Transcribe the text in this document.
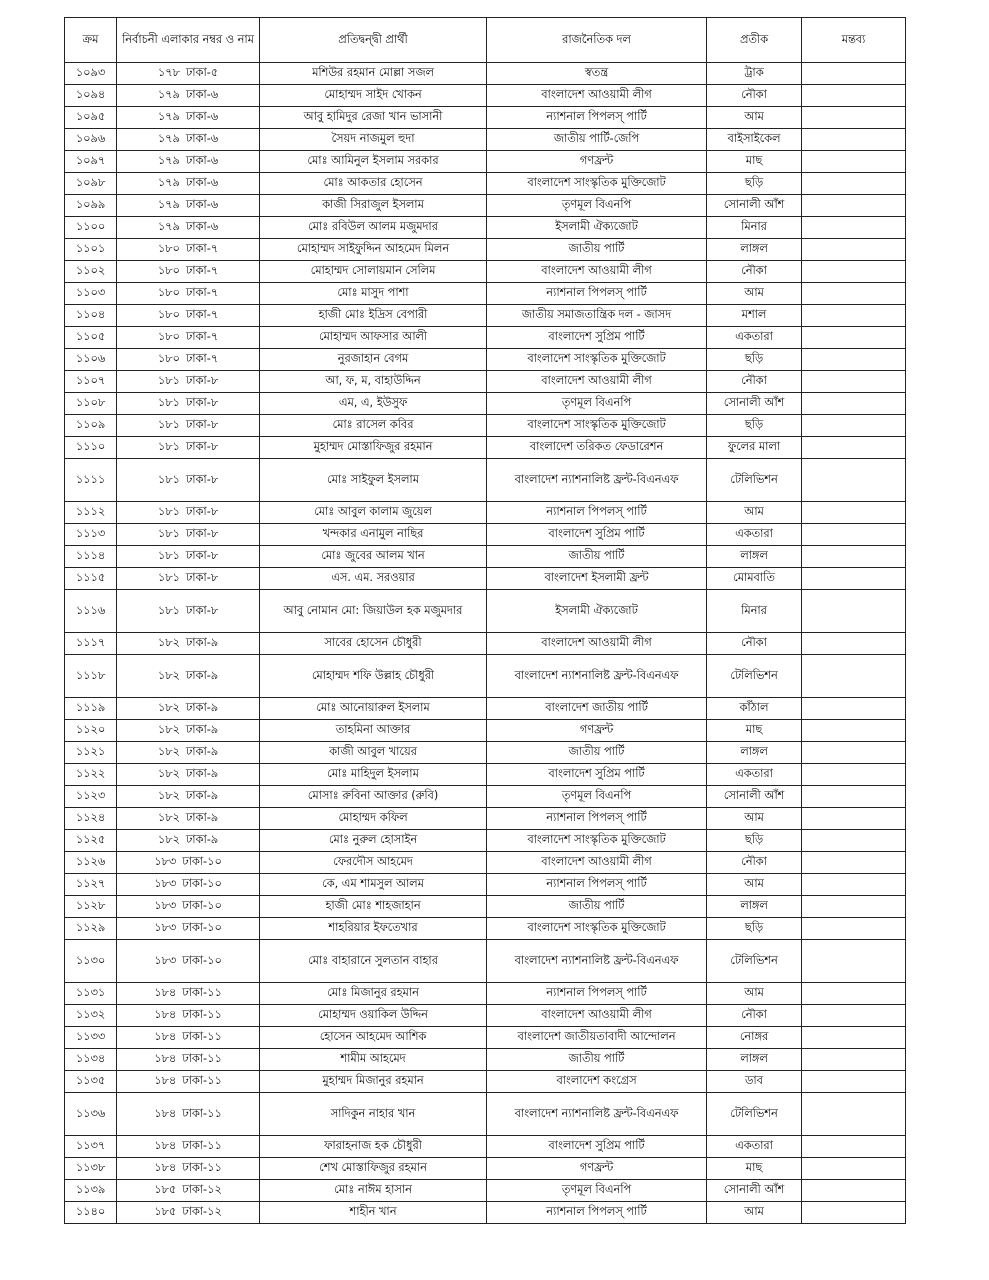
ক্রম	নির্বাচনী এলাকার নম্বর ও নাম	প্রতিদ্বন্দ্বী প্রার্থী	রাজনৈতিক দল	প্রতীক	মন্তব্য
১০৯৩	১৭৮ ঢাকা-৫	মশিউর রহমান মোল্লা সজল	স্বতন্ত্র	ট্রাক	
১০৯৪	১৭৯ ঢাকা-৬	মোহাম্মদ সাইদ খোকন	বাংলাদেশ আওয়ামী লীগ	নৌকা	
১০৯৫	১৭৯ ঢাকা-৬	আবু হামিদুর রেজা খান ভাসানী	ন্যাশনাল পিপলস্ পার্টি	আম	
১০৯৬	১৭৯ ঢাকা-৬	সৈয়দ নাজমুল হুদা	জাতীয় পার্টি-জেপি	বাইসাইকেল	
১০৯৭	১৭৯ ঢাকা-৬	মোঃ আমিনুল ইসলাম সরকার	গণফ্রন্ট	মাছ	
১০৯৮	১৭৯ ঢাকা-৬	মোঃ আকতার হোসেন	বাংলাদেশ সাংস্কৃতিক মুক্তিজোট	ছড়ি	
১০৯৯	১৭৯ ঢাকা-৬	কাজী সিরাজুল ইসলাম	তৃণমূল বিএনপি	সোনালী আঁশ	
১১০০	১৭৯ ঢাকা-৬	মোঃ রবিউল আলম মজুমদার	ইসলামী ঐক্যজোট	মিনার	
১১০১	১৮০ ঢাকা-৭	মোহাম্মদ সাইফুদ্দিন আহমেদ মিলন	জাতীয় পার্টি	লাঙ্গল	
১১০২	১৮০ ঢাকা-৭	মোহাম্মদ সোলায়মান সেলিম	বাংলাদেশ আওয়ামী লীগ	নৌকা	
১১০৩	১৮০ ঢাকা-৭	মোঃ মাসুদ পাশা	ন্যাশনাল পিপলস্ পার্টি	আম	
১১০৪	১৮০ ঢাকা-৭	হাজী মোঃ ইদ্রিস বেপারী	জাতীয় সমাজতান্ত্রিক দল - জাসদ	মশাল	
১১০৫	১৮০ ঢাকা-৭	মোহাম্মদ আফসার আলী	বাংলাদেশ সুপ্রিম পার্টি	একতারা	
১১০৬	১৮০ ঢাকা-৭	নুরজাহান বেগম	বাংলাদেশ সাংস্কৃতিক মুক্তিজোট	ছড়ি	
১১০৭	১৮১ ঢাকা-৮	আ, ফ, ম, বাহাউদ্দিন	বাংলাদেশ আওয়ামী লীগ	নৌকা	
১১০৮	১৮১ ঢাকা-৮	এম, এ, ইউসুফ	তৃণমূল বিএনপি	সোনালী আঁশ	
১১০৯	১৮১ ঢাকা-৮	মোঃ রাসেল কবির	বাংলাদেশ সাংস্কৃতিক মুক্তিজোট	ছড়ি	
১১১০	১৮১ ঢাকা-৮	মুহাম্মদ মোস্তাফিজুর রহমান	বাংলাদেশ তরিকত ফেডারেশন	ফুলের মালা	
১১১১	১৮১ ঢাকা-৮	মোঃ সাইফুল ইসলাম	বাংলাদেশ ন্যাশনালিষ্ট ফ্রন্ট-বিএনএফ	টেলিভিশন	
১১১২	১৮১ ঢাকা-৮	মোঃ আবুল কালাম জুয়েল	ন্যাশনাল পিপলস্ পার্টি	আম	
১১১৩	১৮১ ঢাকা-৮	খন্দকার এনামুল নাছির	বাংলাদেশ সুপ্রিম পার্টি	একতারা	
১১১৪	১৮১ ঢাকা-৮	মোঃ জুবের আলম খান	জাতীয় পার্টি	লাঙ্গল	
১১১৫	১৮১ ঢাকা-৮	এস. এম. সরওয়ার	বাংলাদেশ ইসলামী ফ্রন্ট	মোমবাতি	
১১১৬	১৮১ ঢাকা-৮	আবু নোমান মো: জিয়াউল হক মজুমদার	ইসলামী ঐক্যজোট	মিনার	
১১১৭	১৮২ ঢাকা-৯	সাবের হোসেন চৌধুরী	বাংলাদেশ আওয়ামী লীগ	নৌকা	
১১১৮	১৮২ ঢাকা-৯	মোহাম্মদ শফি উল্লাহ চৌধুরী	বাংলাদেশ ন্যাশনালিষ্ট ফ্রন্ট-বিএনএফ	টেলিভিশন	
১১১৯	১৮২ ঢাকা-৯	মোঃ আনোয়ারুল ইসলাম	বাংলাদেশ জাতীয় পার্টি	কাঁঠাল	
১১২০	১৮২ ঢাকা-৯	তাহমিনা আক্তার	গণফ্রন্ট	মাছ	
১১২১	১৮২ ঢাকা-৯	কাজী আবুল খায়ের	জাতীয় পার্টি	লাঙ্গল	
১১২২	১৮২ ঢাকা-৯	মোঃ মাহিদুল ইসলাম	বাংলাদেশ সুপ্রিম পার্টি	একতারা	
১১২৩	১৮২ ঢাকা-৯	মোসাঃ রুবিনা আক্তার (রুবি)	তৃণমূল বিএনপি	সোনালী আঁশ	
১১২৪	১৮২ ঢাকা-৯	মোহাম্মদ কফিল	ন্যাশনাল পিপলস্ পার্টি	আম	
১১২৫	১৮২ ঢাকা-৯	মোঃ নুরুল হোসাইন	বাংলাদেশ সাংস্কৃতিক মুক্তিজোট	ছড়ি	
১১২৬	১৮৩ ঢাকা-১০	ফেরদৌস আহমেদ	বাংলাদেশ আওয়ামী লীগ	নৌকা	
১১২৭	১৮৩ ঢাকা-১০	কে, এম শামসুল আলম	ন্যাশনাল পিপলস্ পার্টি	আম	
১১২৮	১৮৩ ঢাকা-১০	হাজী মোঃ শাহজাহান	জাতীয় পার্টি	লাঙ্গল	
১১২৯	১৮৩ ঢাকা-১০	শাহরিয়ার ইফতেখার	বাংলাদেশ সাংস্কৃতিক মুক্তিজোট	ছড়ি	
১১৩০	১৮৩ ঢাকা-১০	মোঃ বাহারানে সুলতান বাহার	বাংলাদেশ ন্যাশনালিষ্ট ফ্রন্ট-বিএনএফ	টেলিভিশন	
১১৩১	১৮৪ ঢাকা-১১	মোঃ মিজানুর রহমান	ন্যাশনাল পিপলস্ পার্টি	আম	
১১৩২	১৮৪ ঢাকা-১১	মোহাম্মদ ওয়াকিল উদ্দিন	বাংলাদেশ আওয়ামী লীগ	নৌকা	
১১৩৩	১৮৪ ঢাকা-১১	হোসেন আহমেদ আশিক	বাংলাদেশ জাতীয়তাবাদী আন্দোলন	নোঙ্গর	
১১৩৪	১৮৪ ঢাকা-১১	শামীম আহমেদ	জাতীয় পার্টি	লাঙ্গল	
১১৩৫	১৮৪ ঢাকা-১১	মুহাম্মদ মিজানুর রহমান	বাংলাদেশ কংগ্রেস	ডাব	
১১৩৬	১৮৪ ঢাকা-১১	সাদিকুন নাহার খান	বাংলাদেশ ন্যাশনালিষ্ট ফ্রন্ট-বিএনএফ	টেলিভিশন	
১১৩৭	১৮৪ ঢাকা-১১	ফারাহনাজ হক চৌধুরী	বাংলাদেশ সুপ্রিম পার্টি	একতারা	
১১৩৮	১৮৪ ঢাকা-১১	শেখ মোস্তাফিজুর রহমান	গণফ্রন্ট	মাছ	
১১৩৯	১৮৫ ঢাকা-১২	মোঃ নাঈম হাসান	তৃণমূল বিএনপি	সোনালী আঁশ	
১১৪০	১৮৫ ঢাকা-১২	শাহীন খান	ন্যাশনাল পিপলস্ পার্টি	আম	
